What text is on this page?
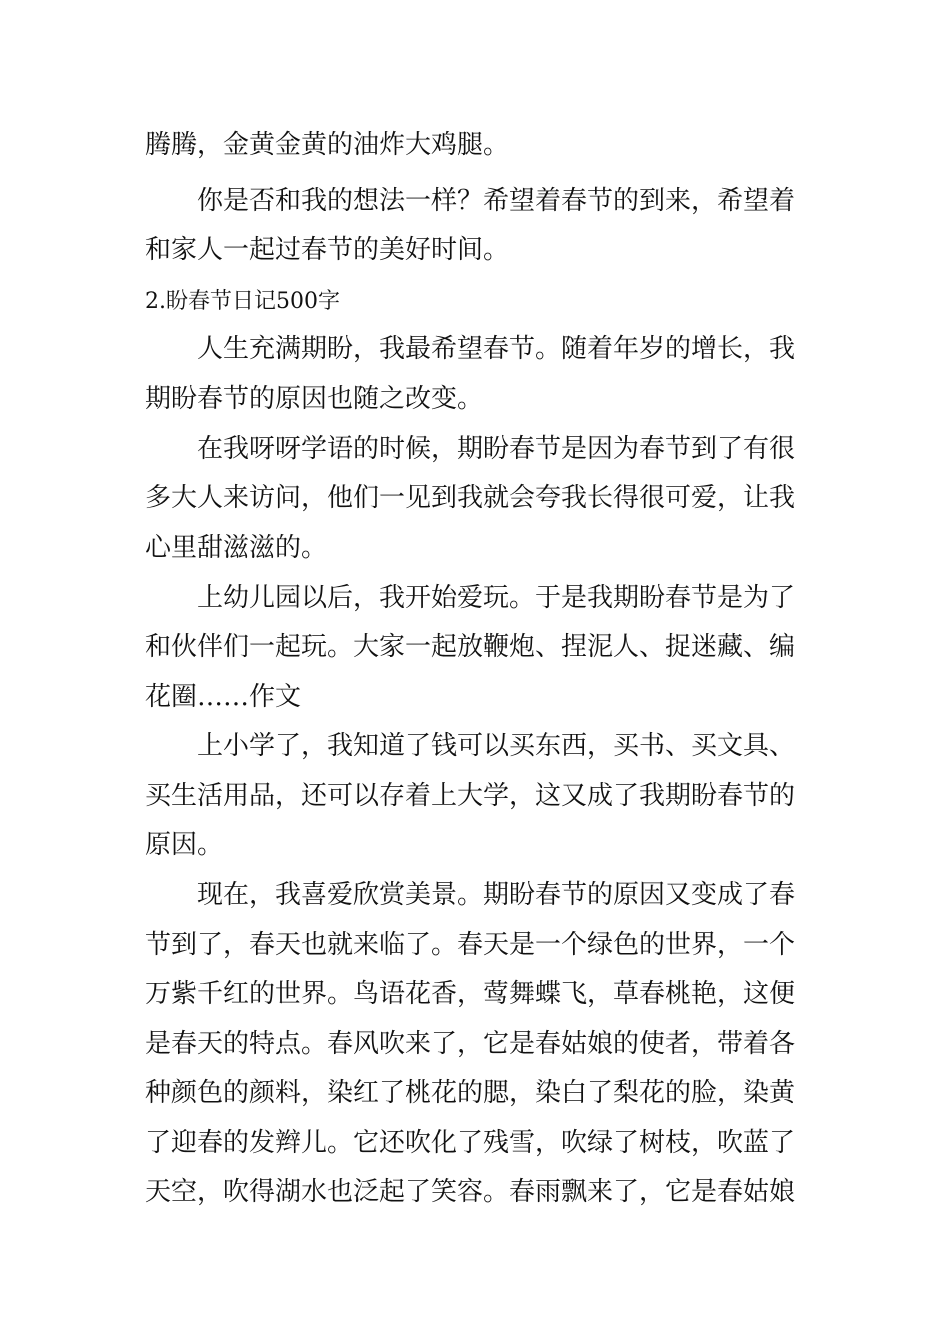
腾腾，金黄金黄的油炸大鸡腿。
你是否和我的想法一样？希望着春节的到来，希望着
和家人一起过春节的美好时间。
2.盼春节日记500字
人生充满期盼，我最希望春节。随着年岁的增长，我
期盼春节的原因也随之改变。
在我呀呀学语的时候，期盼春节是因为春节到了有很
多大人来访问，他们一见到我就会夸我长得很可爱，让我
心里甜滋滋的。
上幼儿园以后，我开始爱玩。于是我期盼春节是为了
和伙伴们一起玩。大家一起放鞭炮、捏泥人、捉迷藏、编
花圈……作文
上小学了，我知道了钱可以买东西，买书、买文具、
买生活用品，还可以存着上大学，这又成了我期盼春节的
原因。
现在，我喜爱欣赏美景。期盼春节的原因又变成了春
节到了，春天也就来临了。春天是一个绿色的世界，一个
万紫千红的世界。鸟语花香，莺舞蝶飞，草春桃艳，这便
是春天的特点。春风吹来了，它是春姑娘的使者，带着各
种颜色的颜料，染红了桃花的腮，染白了梨花的脸，染黄
了迎春的发辫儿。它还吹化了残雪，吹绿了树枝，吹蓝了
天空，吹得湖水也泛起了笑容。春雨飘来了，它是春姑娘
